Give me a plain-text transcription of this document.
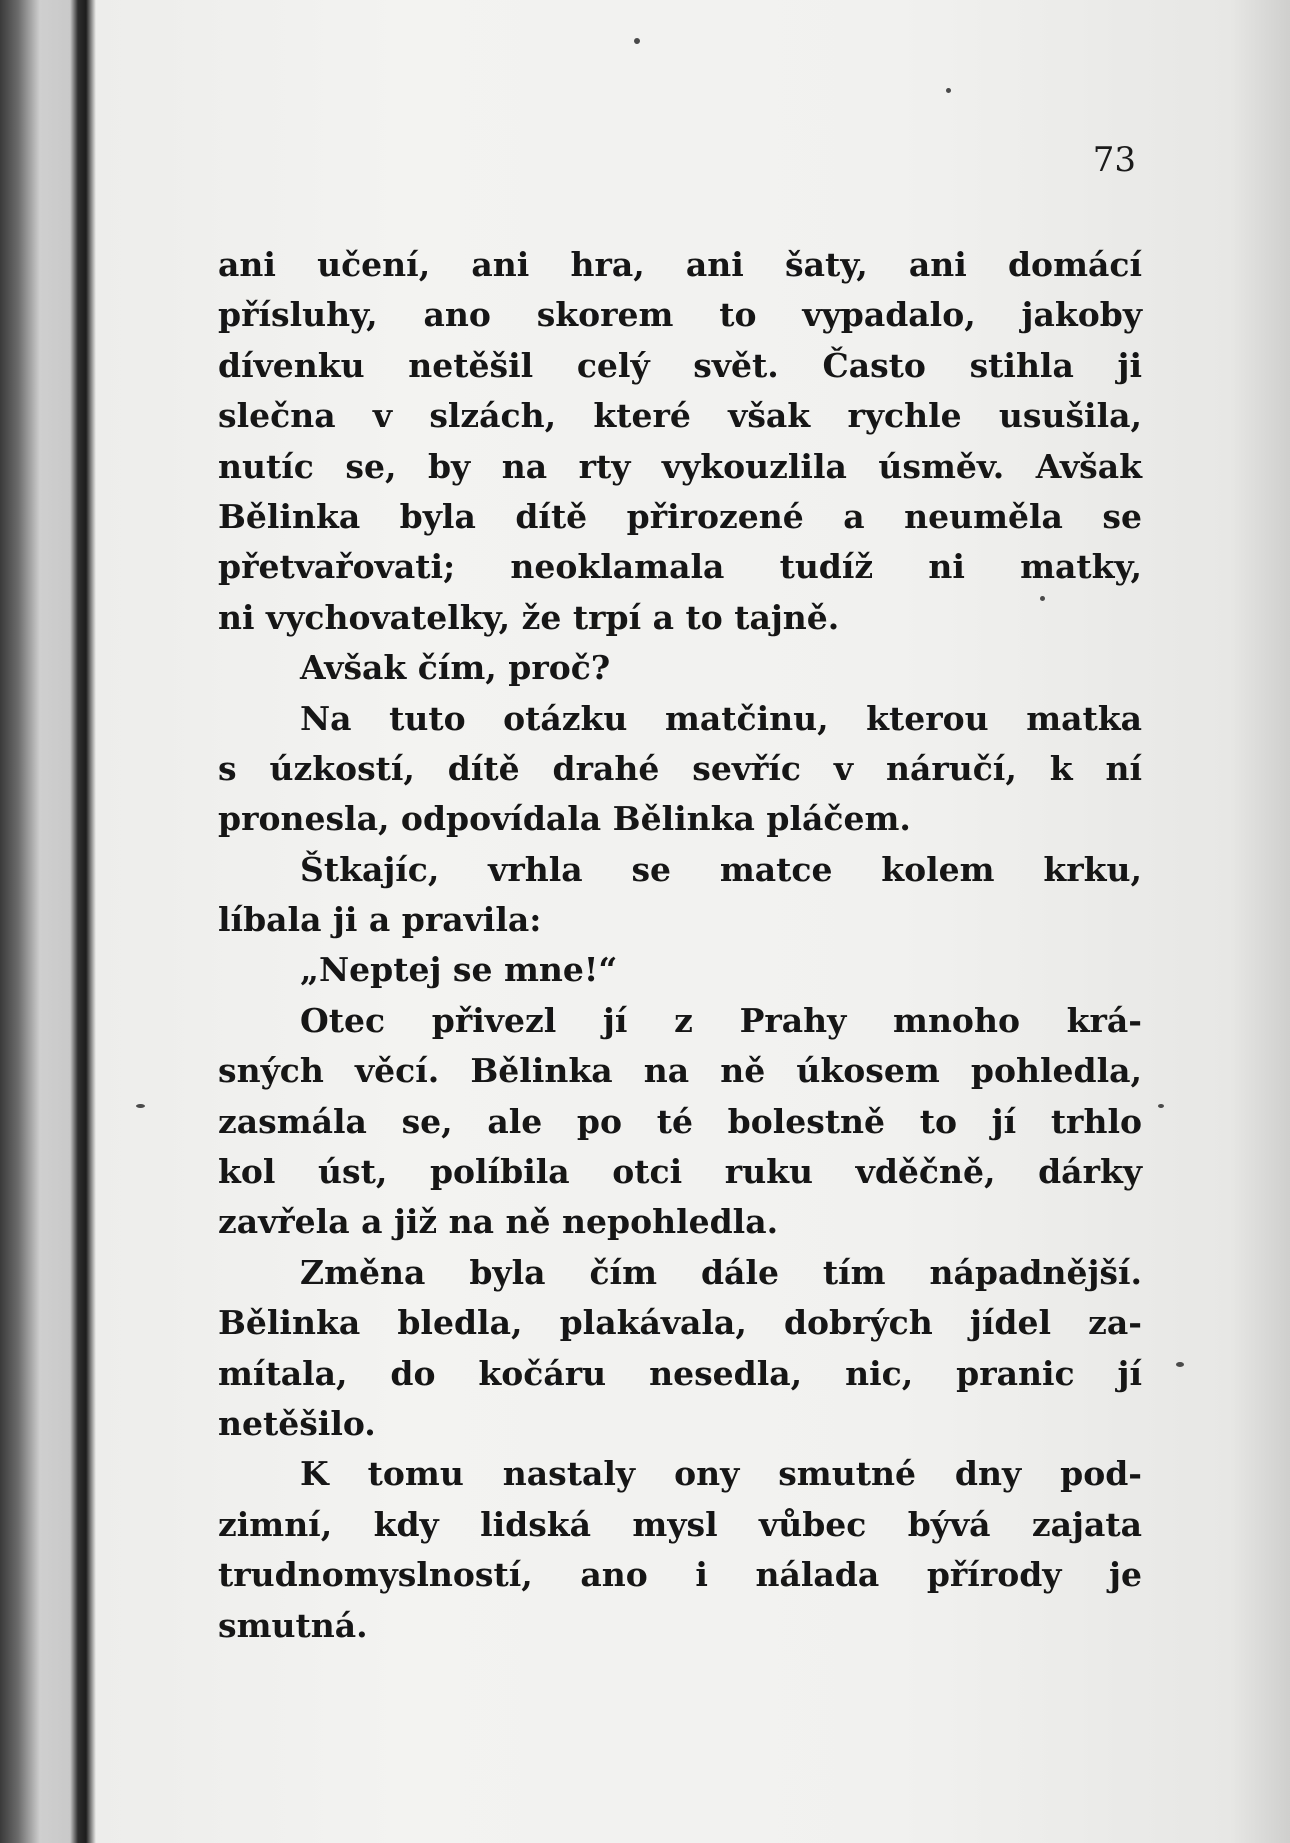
73
ani učení, ani hra, ani šaty, ani domácí
přísluhy, ano skorem to vypadalo, jakoby
dívenku netěšil celý svět. Často stihla ji
slečna v slzách, které však rychle usušila,
nutíc se, by na rty vykouzlila úsměv. Avšak
Bělinka byla dítě přirozené a neuměla se
přetvařovati; neoklamala tudíž ni matky,
ni vychovatelky, že trpí a to tajně.
Avšak čím, proč?
Na tuto otázku matčinu, kterou matka
s úzkostí, dítě drahé sevříc v náručí, k ní
pronesla, odpovídala Bělinka pláčem.
Štkajíc, vrhla se matce kolem krku,
líbala ji a pravila:
„Neptej se mne!“
Otec přivezl jí z Prahy mnoho krá-
sných věcí. Bělinka na ně úkosem pohledla,
zasmála se, ale po té bolestně to jí trhlo
kol úst, políbila otci ruku vděčně, dárky
zavřela a již na ně nepohledla.
Změna byla čím dále tím nápadnější.
Bělinka bledla, plakávala, dobrých jídel za-
mítala, do kočáru nesedla, nic, pranic jí
netěšilo.
K tomu nastaly ony smutné dny pod-
zimní, kdy lidská mysl vůbec bývá zajata
trudnomyslností, ano i nálada přírody je
smutná.
